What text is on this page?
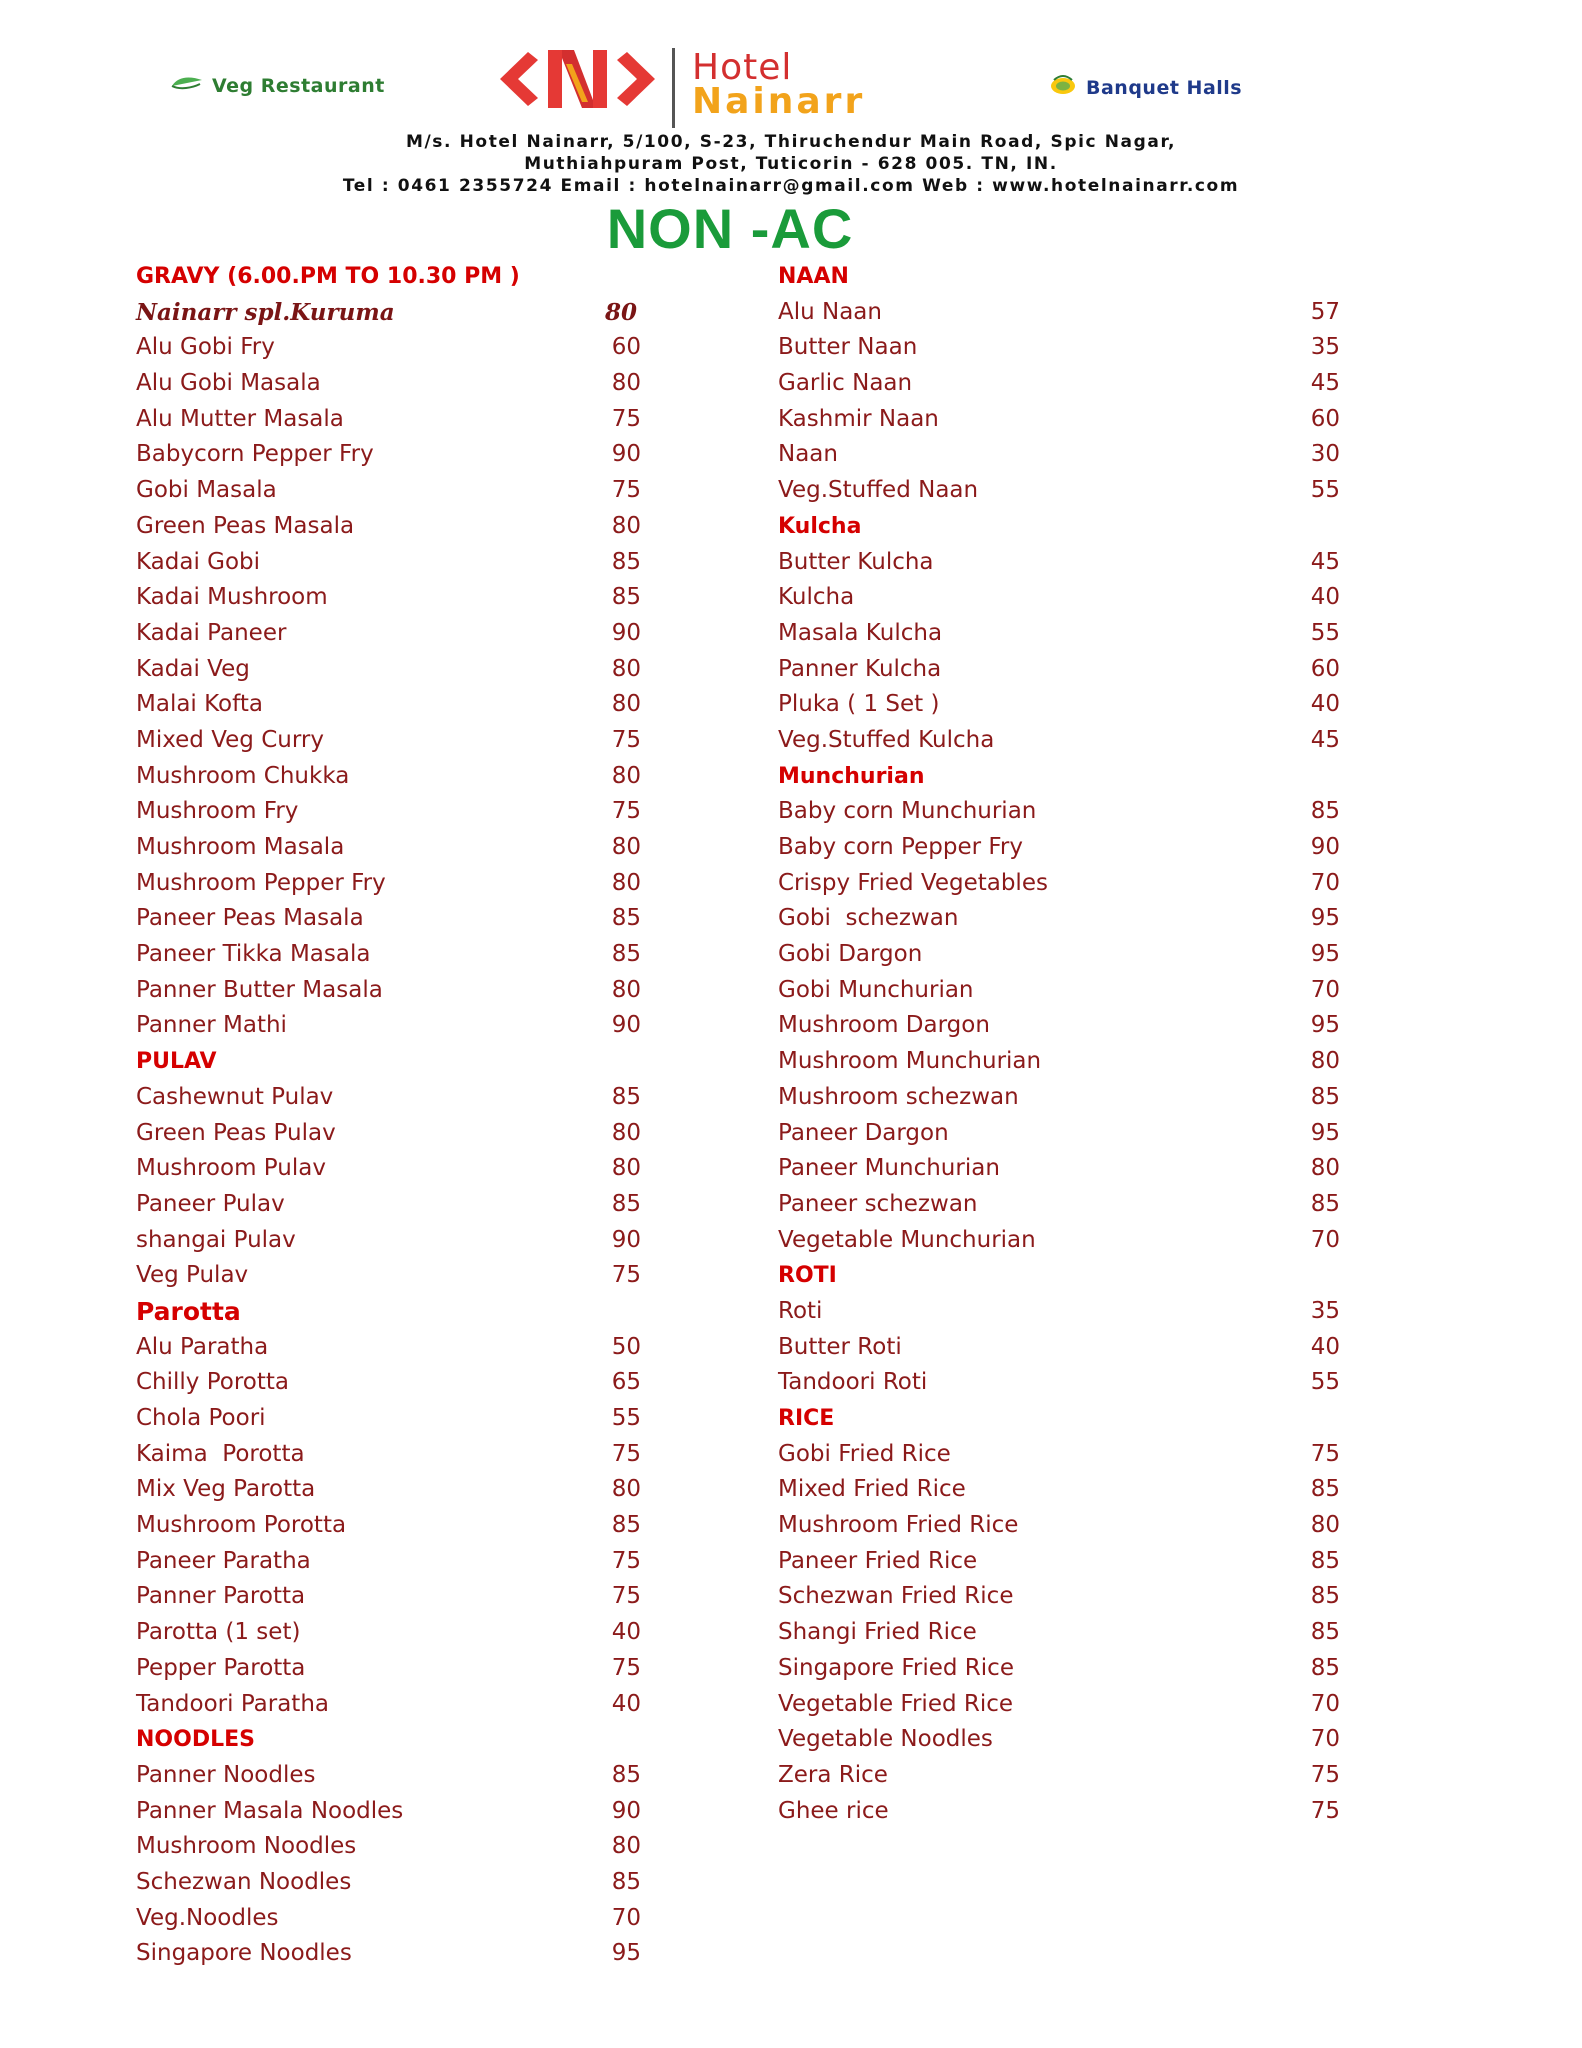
Veg Restaurant	Hotel
Nainarr	Banquet Halls
M/s. Hotel Nainarr, 5/100, S-23, Thiruchendur Main Road, Spic Nagar,
Muthiahpuram Post, Tuticorin - 628 005. TN, IN.
Tel : 0461 2355724 Email : hotelnainarr@gmail.com Web : www.hotelnainarr.com
NON -AC
GRAVY (6.00.PM TO 10.30 PM )
Nainarr spl.Kuruma	80
Alu Gobi Fry	60
Alu Gobi Masala	80
Alu Mutter Masala	75
Babycorn Pepper Fry	90
Gobi Masala	75
Green Peas Masala	80
Kadai Gobi	85
Kadai Mushroom	85
Kadai Paneer	90
Kadai Veg	80
Malai Kofta	80
Mixed Veg Curry	75
Mushroom Chukka	80
Mushroom Fry	75
Mushroom Masala	80
Mushroom Pepper Fry	80
Paneer Peas Masala	85
Paneer Tikka Masala	85
Panner Butter Masala	80
Panner Mathi	90
PULAV
Cashewnut Pulav	85
Green Peas Pulav	80
Mushroom Pulav	80
Paneer Pulav	85
shangai Pulav	90
Veg Pulav	75
Parotta
Alu Paratha	50
Chilly Porotta	65
Chola Poori	55
Kaima  Porotta	75
Mix Veg Parotta	80
Mushroom Porotta	85
Paneer Paratha	75
Panner Parotta	75
Parotta (1 set)	40
Pepper Parotta	75
Tandoori Paratha	40
NOODLES
Panner Noodles	85
Panner Masala Noodles	90
Mushroom Noodles	80
Schezwan Noodles	85
Veg.Noodles	70
Singapore Noodles	95
NAAN
Alu Naan	57
Butter Naan	35
Garlic Naan	45
Kashmir Naan	60
Naan	30
Veg.Stuffed Naan	55
Kulcha
Butter Kulcha	45
Kulcha	40
Masala Kulcha	55
Panner Kulcha	60
Pluka ( 1 Set )	40
Veg.Stuffed Kulcha	45
Munchurian
Baby corn Munchurian	85
Baby corn Pepper Fry	90
Crispy Fried Vegetables	70
Gobi  schezwan	95
Gobi Dargon	95
Gobi Munchurian	70
Mushroom Dargon	95
Mushroom Munchurian	80
Mushroom schezwan	85
Paneer Dargon	95
Paneer Munchurian	80
Paneer schezwan	85
Vegetable Munchurian	70
ROTI
Roti	35
Butter Roti	40
Tandoori Roti	55
RICE
Gobi Fried Rice	75
Mixed Fried Rice	85
Mushroom Fried Rice	80
Paneer Fried Rice	85
Schezwan Fried Rice	85
Shangi Fried Rice	85
Singapore Fried Rice	85
Vegetable Fried Rice	70
Vegetable Noodles	70
Zera Rice	75
Ghee rice	75
